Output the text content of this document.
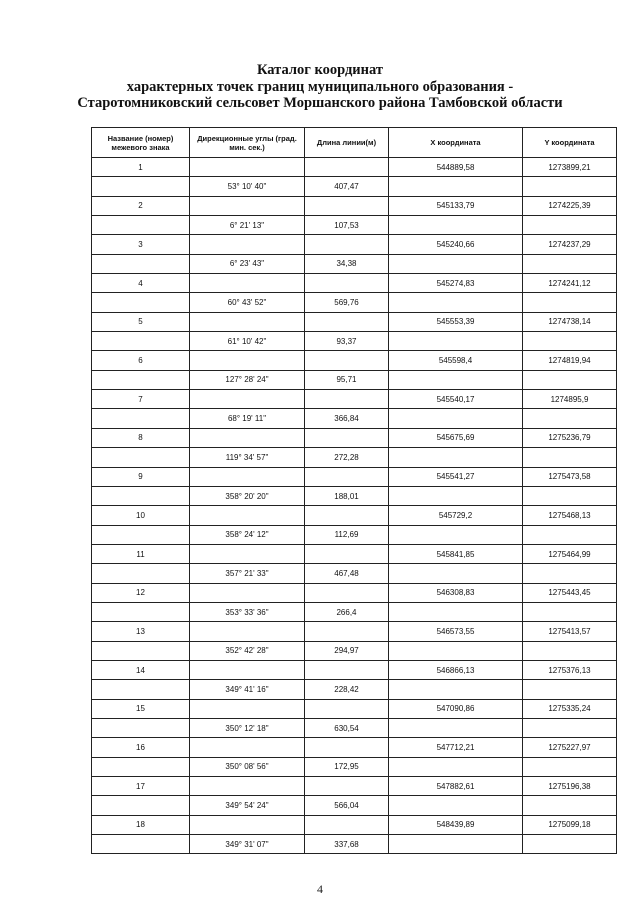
Каталог координат
характерных точек границ муниципального образования -
Старотомниковский сельсовет Моршанского района Тамбовской области
Название (номер) межевого знака	Дирекционные углы (град. мин. сек.)	Длина линии(м)	X координата	Y координата
1			544889,58	1273899,21
	53° 10' 40"	407,47		
2			545133,79	1274225,39
	6° 21' 13"	107,53		
3			545240,66	1274237,29
	6° 23' 43"	34,38		
4			545274,83	1274241,12
	60° 43' 52"	569,76		
5			545553,39	1274738,14
	61° 10' 42"	93,37		
6			545598,4	1274819,94
	127° 28' 24"	95,71		
7			545540,17	1274895,9
	68° 19' 11"	366,84		
8			545675,69	1275236,79
	119° 34' 57"	272,28		
9			545541,27	1275473,58
	358° 20' 20"	188,01		
10			545729,2	1275468,13
	358° 24' 12"	112,69		
11			545841,85	1275464,99
	357° 21' 33"	467,48		
12			546308,83	1275443,45
	353° 33' 36"	266,4		
13			546573,55	1275413,57
	352° 42' 28"	294,97		
14			546866,13	1275376,13
	349° 41' 16"	228,42		
15			547090,86	1275335,24
	350° 12' 18"	630,54		
16			547712,21	1275227,97
	350° 08' 56"	172,95		
17			547882,61	1275196,38
	349° 54' 24"	566,04		
18			548439,89	1275099,18
	349° 31' 07"	337,68		
4
